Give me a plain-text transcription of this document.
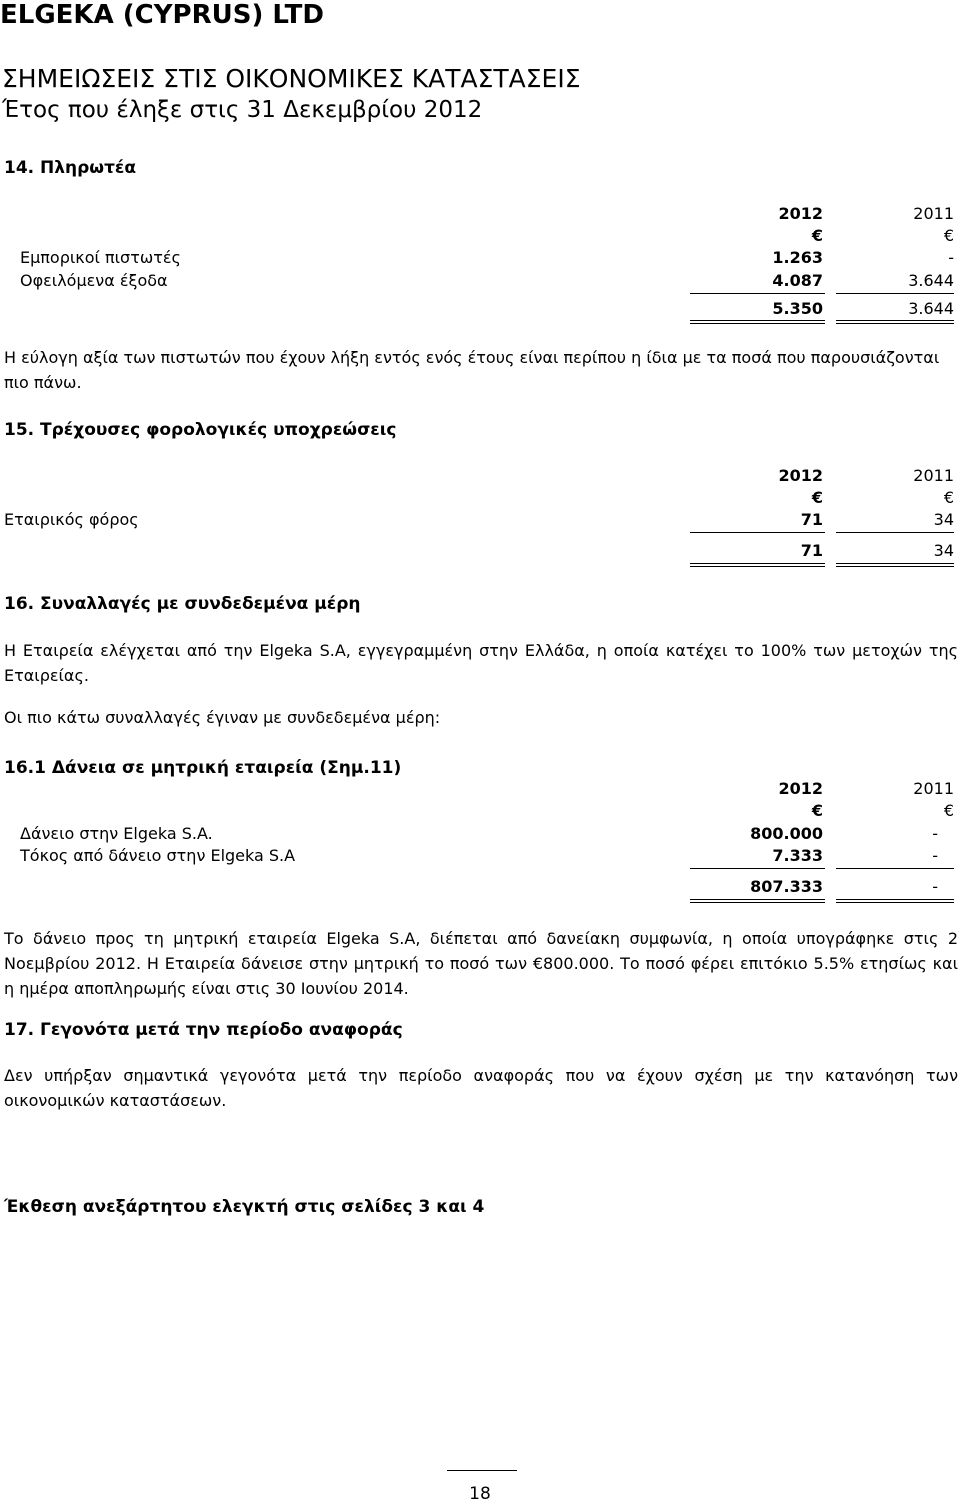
ELGEKA (CYPRUS) LTD
ΣΗΜΕΙΩΣΕΙΣ ΣΤΙΣ ΟΙΚΟΝΟΜΙΚΕΣ ΚΑΤΑΣΤΑΣΕΙΣ
Έτος που έληξε στις 31 Δεκεμβρίου 2012
14. Πληρωτέα
2012	2011
€	€
Εμπορικοί πιστωτές	1.263	-
Οφειλόμενα έξοδα	4.087	3.644
5.350	3.644
Η εύλογη αξία των πιστωτών που έχουν λήξη εντός ενός έτους είναι περίπου η ίδια με τα ποσά που παρουσιάζονται πιο πάνω.
15. Τρέχουσες φορολογικές υποχρεώσεις
2012	2011
€	€
Εταιρικός φόρος	71	34
71	34
16. Συναλλαγές με συνδεδεμένα μέρη
Η Εταιρεία ελέγχεται από την Elgeka S.A, εγγεγραμμένη στην Ελλάδα, η οποία κατέχει το 100% των μετοχών της Εταιρείας.
Οι πιο κάτω συναλλαγές έγιναν με συνδεδεμένα μέρη:
16.1 Δάνεια σε μητρική εταιρεία (Σημ.11)
2012	2011
€	€
Δάνειο στην Elgeka S.A.	800.000	-
Τόκος από δάνειο στην Elgeka S.A	7.333	-
807.333	-
Το δάνειο προς τη μητρική εταιρεία Elgeka S.A, διέπεται από δανείακη συμφωνία, η οποία υπογράφηκε στις 2 Νοεμβρίου 2012. Η Εταιρεία δάνεισε στην μητρική το ποσό των €800.000. Το ποσό φέρει επιτόκιο 5.5% ετησίως και η ημέρα αποπληρωμής είναι στις 30 Ιουνίου 2014.
17. Γεγονότα μετά την περίοδο αναφοράς
Δεν υπήρξαν σημαντικά γεγονότα μετά την περίοδο αναφοράς που να έχουν σχέση με την κατανόηση των οικονομικών καταστάσεων.
Έκθεση ανεξάρτητου ελεγκτή στις σελίδες 3 και 4
18
